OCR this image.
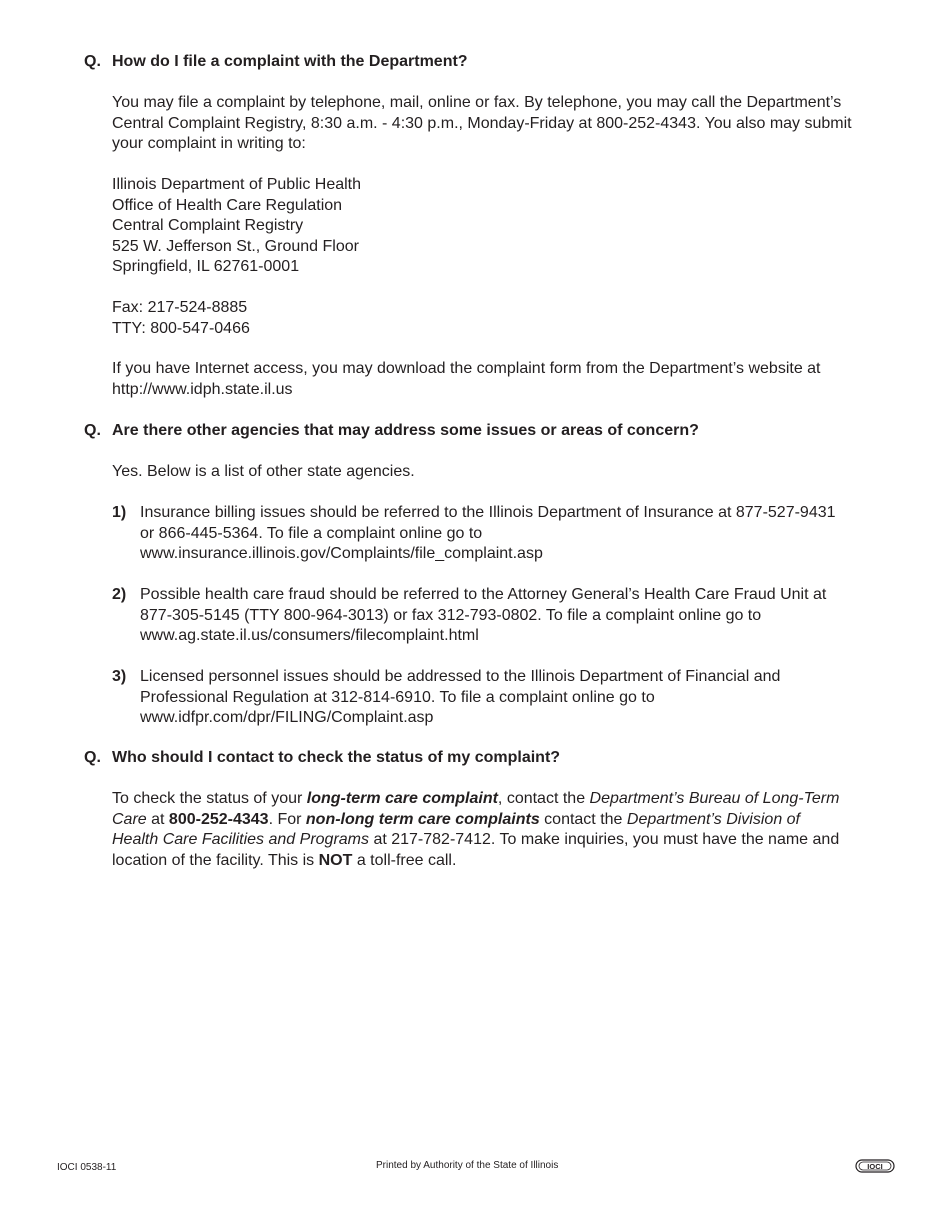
Q. How do I file a complaint with the Department?
You may file a complaint by telephone, mail, online or fax. By telephone, you may call the Department’s
Central Complaint Registry, 8:30 a.m. - 4:30 p.m., Monday-Friday at 800-252-4343. You also may submit
your complaint in writing to:
Illinois Department of Public Health
Office of Health Care Regulation
Central Complaint Registry
525 W. Jefferson St., Ground Floor
Springfield, IL 62761-0001
Fax: 217-524-8885
TTY: 800-547-0466
If you have Internet access, you may download the complaint form from the Department’s website at
http://www.idph.state.il.us
Q. Are there other agencies that may address some issues or areas of concern?
Yes. Below is a list of other state agencies.
1) Insurance billing issues should be referred to the Illinois Department of Insurance at 877-527-9431
or 866-445-5364. To file a complaint online go to
www.insurance.illinois.gov/Complaints/file_complaint.asp
2) Possible health care fraud should be referred to the Attorney General’s Health Care Fraud Unit at
877-305-5145 (TTY 800-964-3013) or fax 312-793-0802. To file a complaint online go to
www.ag.state.il.us/consumers/filecomplaint.html
3) Licensed personnel issues should be addressed to the Illinois Department of Financial and
Professional Regulation at 312-814-6910. To file a complaint online go to
www.idfpr.com/dpr/FILING/Complaint.asp
Q. Who should I contact to check the status of my complaint?
To check the status of your long-term care complaint, contact the Department’s Bureau of Long-Term
Care at 800-252-4343. For non-long term care complaints contact the Department’s Division of
Health Care Facilities and Programs at 217-782-7412. To make inquiries, you must have the name and
location of the facility. This is NOT a toll-free call.
IOCI 0538-11	Printed by Authority of the State of Illinois	IOCI
